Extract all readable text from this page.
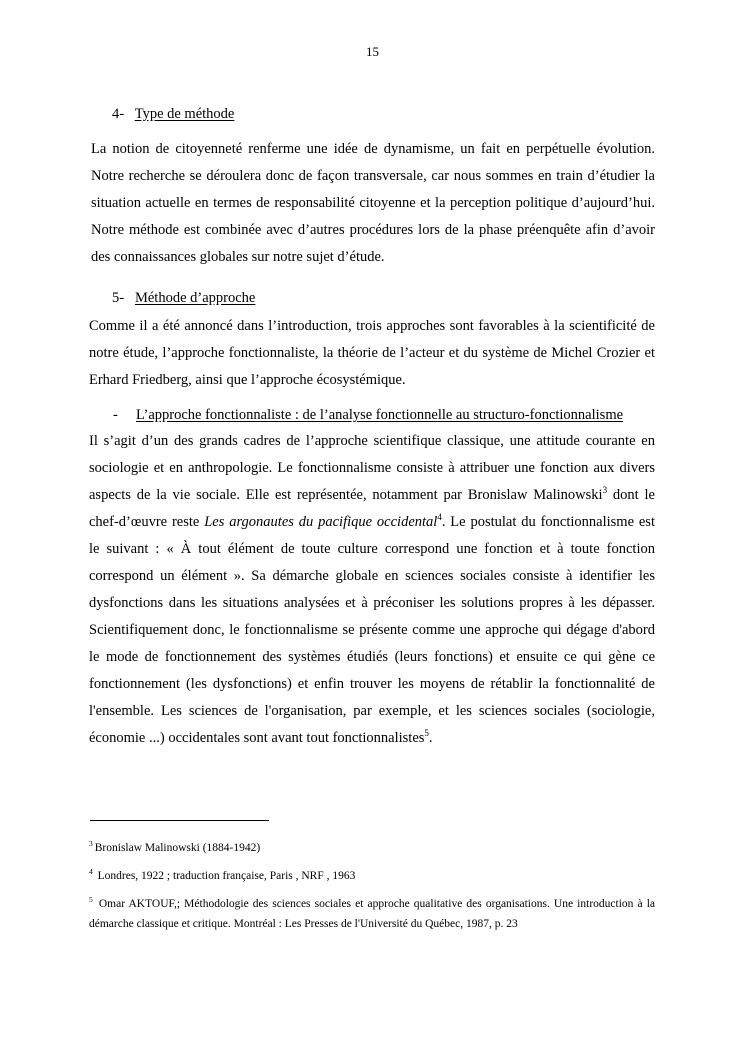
15
4- Type de méthode

La notion de citoyenneté renferme une idée de dynamisme, un fait en perpétuelle évolution. Notre recherche se déroulera donc de façon transversale, car nous sommes en train d’étudier la situation actuelle en termes de responsabilité citoyenne et la perception politique d’aujourd’hui. Notre méthode est combinée avec d’autres procédures lors de la phase préenquête afin d’avoir des connaissances globales sur notre sujet d’étude.

5- Méthode d’approche

Comme il a été annoncé dans l’introduction, trois approches sont favorables à la scientificité de notre étude, l’approche fonctionnaliste, la théorie de l’acteur et du système de Michel Crozier et Erhard Friedberg, ainsi que l’approche écosystémique.

- L’approche fonctionnaliste : de l’analyse fonctionnelle au structuro-fonctionnalisme

Il s’agit d’un des grands cadres de l’approche scientifique classique, une attitude courante en sociologie et en anthropologie. Le fonctionnalisme consiste à attribuer une fonction aux divers aspects de la vie sociale. Elle est représentée, notamment par Bronislaw Malinowski$^3$ dont le chef-d’œuvre reste Les argonautes du pacifique occidental$^4$. Le postulat du fonctionnalisme est le suivant : « À tout élément de toute culture correspond une fonction et à toute fonction correspond un élément ». Sa démarche globale en sciences sociales consiste à identifier les dysfonctions dans les situations analysées et à préconiser les solutions propres à les dépasser. Scientifiquement donc, le fonctionnalisme se présente comme une approche qui dégage d'abord le mode de fonctionnement des systèmes étudiés (leurs fonctions) et ensuite ce qui gène ce fonctionnement (les dysfonctions) et enfin trouver les moyens de rétablir la fonctionnalité de l'ensemble. Les sciences de l'organisation, par exemple, et les sciences sociales (sociologie, économie ...) occidentales sont avant tout fonctionnalistes$^5$.

$^3$ Bronislaw Malinowski (1884-1942)

$^4$ Londres, 1922 ; traduction française, Paris , NRF , 1963

$^5$ Omar AKTOUF,; Méthodologie des sciences sociales et approche qualitative des organisations. Une introduction à la démarche classique et critique. Montréal : Les Presses de l'Université du Québec, 1987, p. 23
